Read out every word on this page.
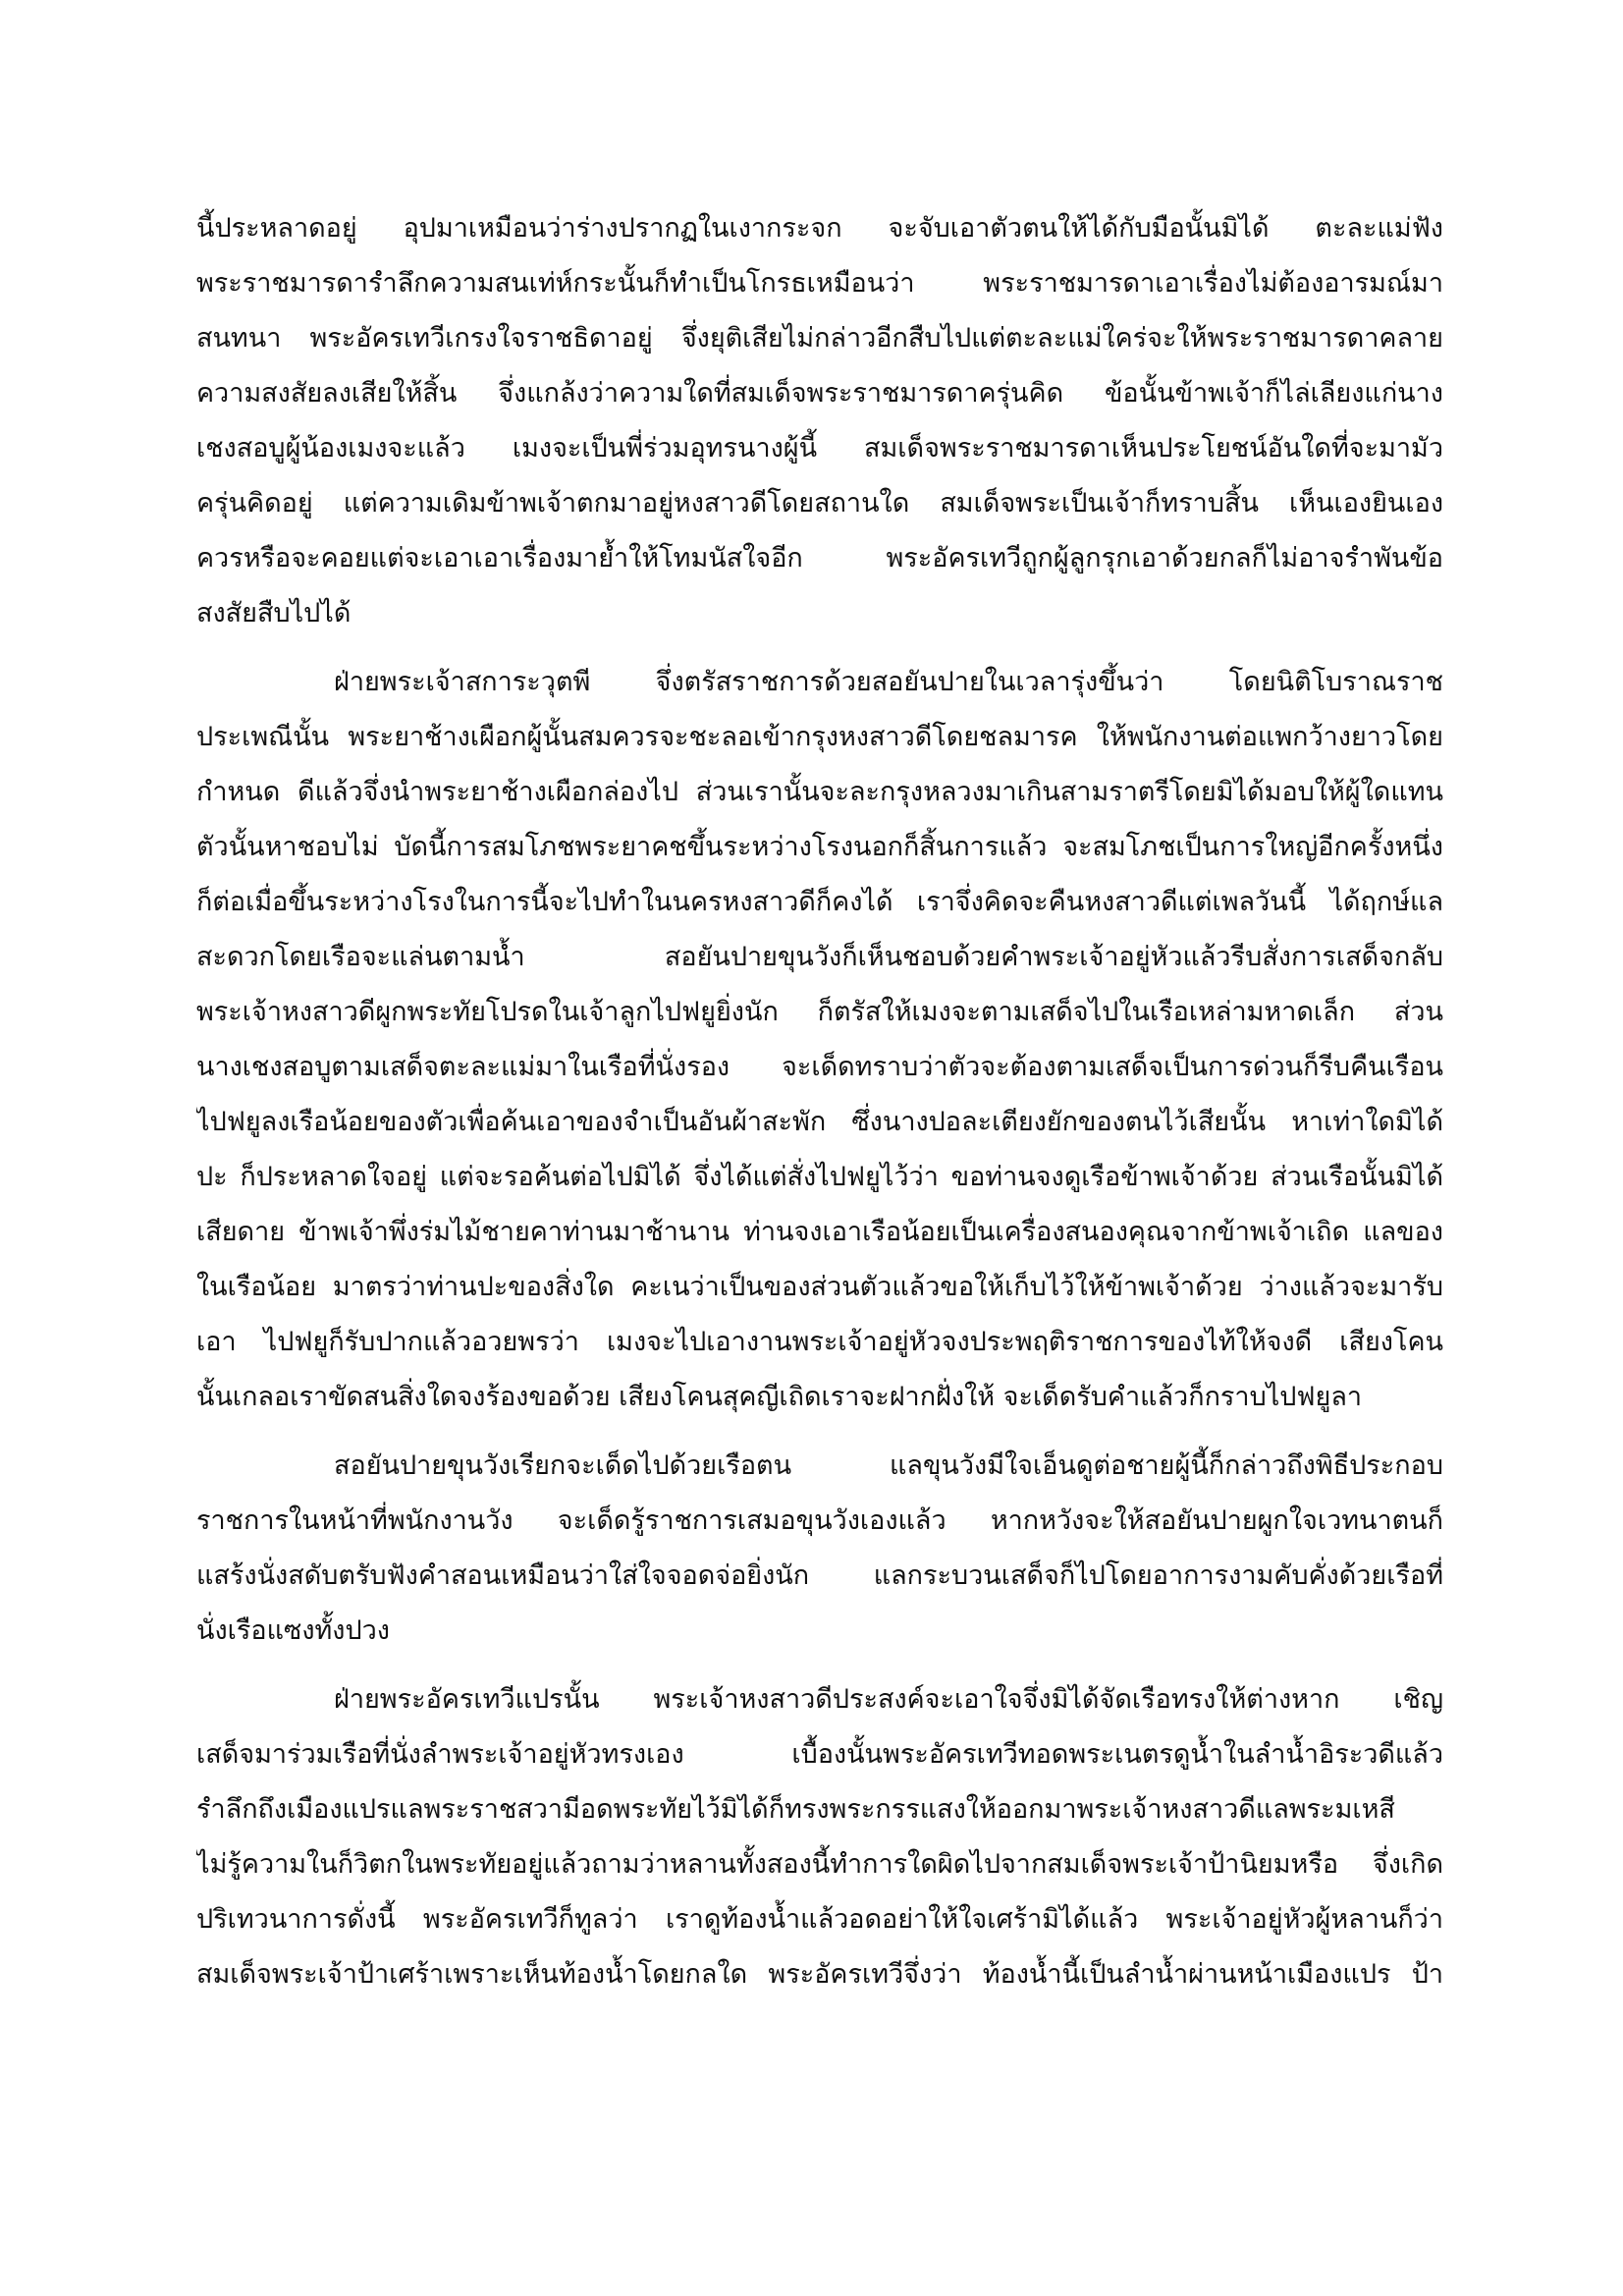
นี้ประหลาดอยู่ อุปมาเหมือนว่าร่างปรากฏในเงากระจก จะจับเอาตัวตนให้ได้กับมือนั้นมิได้ ตะละแม่ฟัง
พระราชมารดารำลึกความสนเท่ห์กระนั้นก็ทำเป็นโกรธเหมือนว่า พระราชมารดาเอาเรื่องไม่ต้องอารมณ์มา
สนทนา พระอัครเทวีเกรงใจราชธิดาอยู่ จึ่งยุติเสียไม่กล่าวอีกสืบไปแต่ตะละแม่ใคร่จะให้พระราชมารดาคลาย
ความสงสัยลงเสียให้สิ้น จึ่งแกล้งว่าความใดที่สมเด็จพระราชมารดาครุ่นคิด ข้อนั้นข้าพเจ้าก็ไล่เลียงแก่นาง
เชงสอบูผู้น้องเมงจะแล้ว เมงจะเป็นพี่ร่วมอุทรนางผู้นี้ สมเด็จพระราชมารดาเห็นประโยชน์อันใดที่จะมามัว
ครุ่นคิดอยู่ แต่ความเดิมข้าพเจ้าตกมาอยู่หงสาวดีโดยสถานใด สมเด็จพระเป็นเจ้าก็ทราบสิ้น เห็นเองยินเอง
ควรหรือจะคอยแต่จะเอาเอาเรื่องมาย้ำให้โทมนัสใจอีก พระอัครเทวีถูกผู้ลูกรุกเอาด้วยกลก็ไม่อาจรำพันข้อ
สงสัยสืบไปได้
ฝ่ายพระเจ้าสการะวุตพี จึ่งตรัสราชการด้วยสอยันปายในเวลารุ่งขึ้นว่า โดยนิติโบราณราช
ประเพณีนั้น พระยาช้างเผือกผู้นั้นสมควรจะชะลอเข้ากรุงหงสาวดีโดยชลมารค ให้พนักงานต่อแพกว้างยาวโดย
กำหนด ดีแล้วจึ่งนำพระยาช้างเผือกล่องไป ส่วนเรานั้นจะละกรุงหลวงมาเกินสามราตรีโดยมิได้มอบให้ผู้ใดแทน
ตัวนั้นหาชอบไม่ บัดนี้การสมโภชพระยาคชขึ้นระหว่างโรงนอกก็สิ้นการแล้ว จะสมโภชเป็นการใหญ่อีกครั้งหนึ่ง
ก็ต่อเมื่อขึ้นระหว่างโรงในการนี้จะไปทำในนครหงสาวดีก็คงได้ เราจึ่งคิดจะคืนหงสาวดีแต่เพลวันนี้ ได้ฤกษ์แล
สะดวกโดยเรือจะแล่นตามน้ำ สอยันปายขุนวังก็เห็นชอบด้วยคำพระเจ้าอยู่หัวแล้วรีบสั่งการเสด็จกลับ
พระเจ้าหงสาวดีผูกพระทัยโปรดในเจ้าลูกไปฟยูยิ่งนัก ก็ตรัสให้เมงจะตามเสด็จไปในเรือเหล่ามหาดเล็ก ส่วน
นางเชงสอบูตามเสด็จตะละแม่มาในเรือที่นั่งรอง จะเด็ดทราบว่าตัวจะต้องตามเสด็จเป็นการด่วนก็รีบคืนเรือน
ไปฟยูลงเรือน้อยของตัวเพื่อค้นเอาของจำเป็นอันผ้าสะพัก ซึ่งนางปอละเตียงยักของตนไว้เสียนั้น หาเท่าใดมิได้
ปะ ก็ประหลาดใจอยู่ แต่จะรอค้นต่อไปมิได้ จึ่งได้แต่สั่งไปฟยูไว้ว่า ขอท่านจงดูเรือข้าพเจ้าด้วย ส่วนเรือนั้นมิได้
เสียดาย ข้าพเจ้าพึ่งร่มไม้ชายคาท่านมาช้านาน ท่านจงเอาเรือน้อยเป็นเครื่องสนองคุณจากข้าพเจ้าเถิด แลของ
ในเรือน้อย มาตรว่าท่านปะของสิ่งใด คะเนว่าเป็นของส่วนตัวแล้วขอให้เก็บไว้ให้ข้าพเจ้าด้วย ว่างแล้วจะมารับ
เอา ไปฟยูก็รับปากแล้วอวยพรว่า เมงจะไปเอางานพระเจ้าอยู่หัวจงประพฤติราชการของไท้ให้จงดี เสียงโคน
นั้นเกลอเราขัดสนสิ่งใดจงร้องขอด้วย เสียงโคนสุคญีเถิดเราจะฝากฝั่งให้ จะเด็ดรับคำแล้วก็กราบไปฟยูลา
สอยันปายขุนวังเรียกจะเด็ดไปด้วยเรือตน แลขุนวังมีใจเอ็นดูต่อชายผู้นี้ก็กล่าวถึงพิธีประกอบ
ราชการในหน้าที่พนักงานวัง จะเด็ดรู้ราชการเสมอขุนวังเองแล้ว หากหวังจะให้สอยันปายผูกใจเวทนาตนก็
แสร้งนั่งสดับตรับฟังคำสอนเหมือนว่าใส่ใจจอดจ่อยิ่งนัก แลกระบวนเสด็จก็ไปโดยอาการงามคับคั่งด้วยเรือที่
นั่งเรือแซงทั้งปวง
ฝ่ายพระอัครเทวีแปรนั้น พระเจ้าหงสาวดีประสงค์จะเอาใจจึ่งมิได้จัดเรือทรงให้ต่างหาก เชิญ
เสด็จมาร่วมเรือที่นั่งลำพระเจ้าอยู่หัวทรงเอง เบื้องนั้นพระอัครเทวีทอดพระเนตรดูน้ำในลำน้ำอิระวดีแล้ว
รำลึกถึงเมืองแปรแลพระราชสวามีอดพระทัยไว้มิได้ก็ทรงพระกรรแสงให้ออกมาพระเจ้าหงสาวดีแลพระมเหสี
ไม่รู้ความในก็วิตกในพระทัยอยู่แล้วถามว่าหลานทั้งสองนี้ทำการใดผิดไปจากสมเด็จพระเจ้าป้านิยมหรือ จึ่งเกิด
ปริเทวนาการดั่งนี้ พระอัครเทวีก็ทูลว่า เราดูท้องน้ำแล้วอดอย่าให้ใจเศร้ามิได้แล้ว พระเจ้าอยู่หัวผู้หลานก็ว่า
สมเด็จพระเจ้าป้าเศร้าเพราะเห็นท้องน้ำโดยกลใด พระอัครเทวีจึ่งว่า ท้องน้ำนี้เป็นลำน้ำผ่านหน้าเมืองแปร ป้า
